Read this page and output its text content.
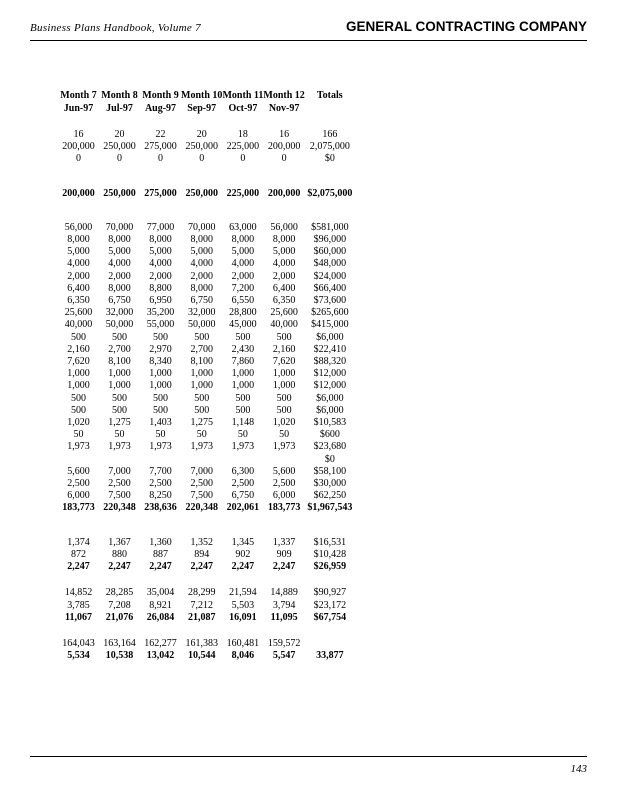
Business Plans Handbook, Volume 7	GENERAL CONTRACTING COMPANY
Month 7	Month 8	Month 9	Month 10	Month 11	Month 12	Totals
Jun-97	Jul-97	Aug-97	Sep-97	Oct-97	Nov-97	

16	20	22	20	18	16	166
200,000	250,000	275,000	250,000	225,000	200,000	2,075,000
0	0	0	0	0	0	$0

200,000	250,000	275,000	250,000	225,000	200,000	$2,075,000

56,000	70,000	77,000	70,000	63,000	56,000	$581,000
8,000	8,000	8,000	8,000	8,000	8,000	$96,000
5,000	5,000	5,000	5,000	5,000	5,000	$60,000
4,000	4,000	4,000	4,000	4,000	4,000	$48,000
2,000	2,000	2,000	2,000	2,000	2,000	$24,000
6,400	8,000	8,800	8,000	7,200	6,400	$66,400
6,350	6,750	6,950	6,750	6,550	6,350	$73,600
25,600	32,000	35,200	32,000	28,800	25,600	$265,600
40,000	50,000	55,000	50,000	45,000	40,000	$415,000
500	500	500	500	500	500	$6,000
2,160	2,700	2,970	2,700	2,430	2,160	$22,410
7,620	8,100	8,340	8,100	7,860	7,620	$88,320
1,000	1,000	1,000	1,000	1,000	1,000	$12,000
1,000	1,000	1,000	1,000	1,000	1,000	$12,000
500	500	500	500	500	500	$6,000
500	500	500	500	500	500	$6,000
1,020	1,275	1,403	1,275	1,148	1,020	$10,583
50	50	50	50	50	50	$600
1,973	1,973	1,973	1,973	1,973	1,973	$23,680
						$0
5,600	7,000	7,700	7,000	6,300	5,600	$58,100
2,500	2,500	2,500	2,500	2,500	2,500	$30,000
6,000	7,500	8,250	7,500	6,750	6,000	$62,250
183,773	220,348	238,636	220,348	202,061	183,773	$1,967,543

1,374	1,367	1,360	1,352	1,345	1,337	$16,531
872	880	887	894	902	909	$10,428
2,247	2,247	2,247	2,247	2,247	2,247	$26,959

14,852	28,285	35,004	28,299	21,594	14,889	$90,927
3,785	7,208	8,921	7,212	5,503	3,794	$23,172
11,067	21,076	26,084	21,087	16,091	11,095	$67,754

164,043	163,164	162,277	161,383	160,481	159,572	
5,534	10,538	13,042	10,544	8,046	5,547	33,877
143
